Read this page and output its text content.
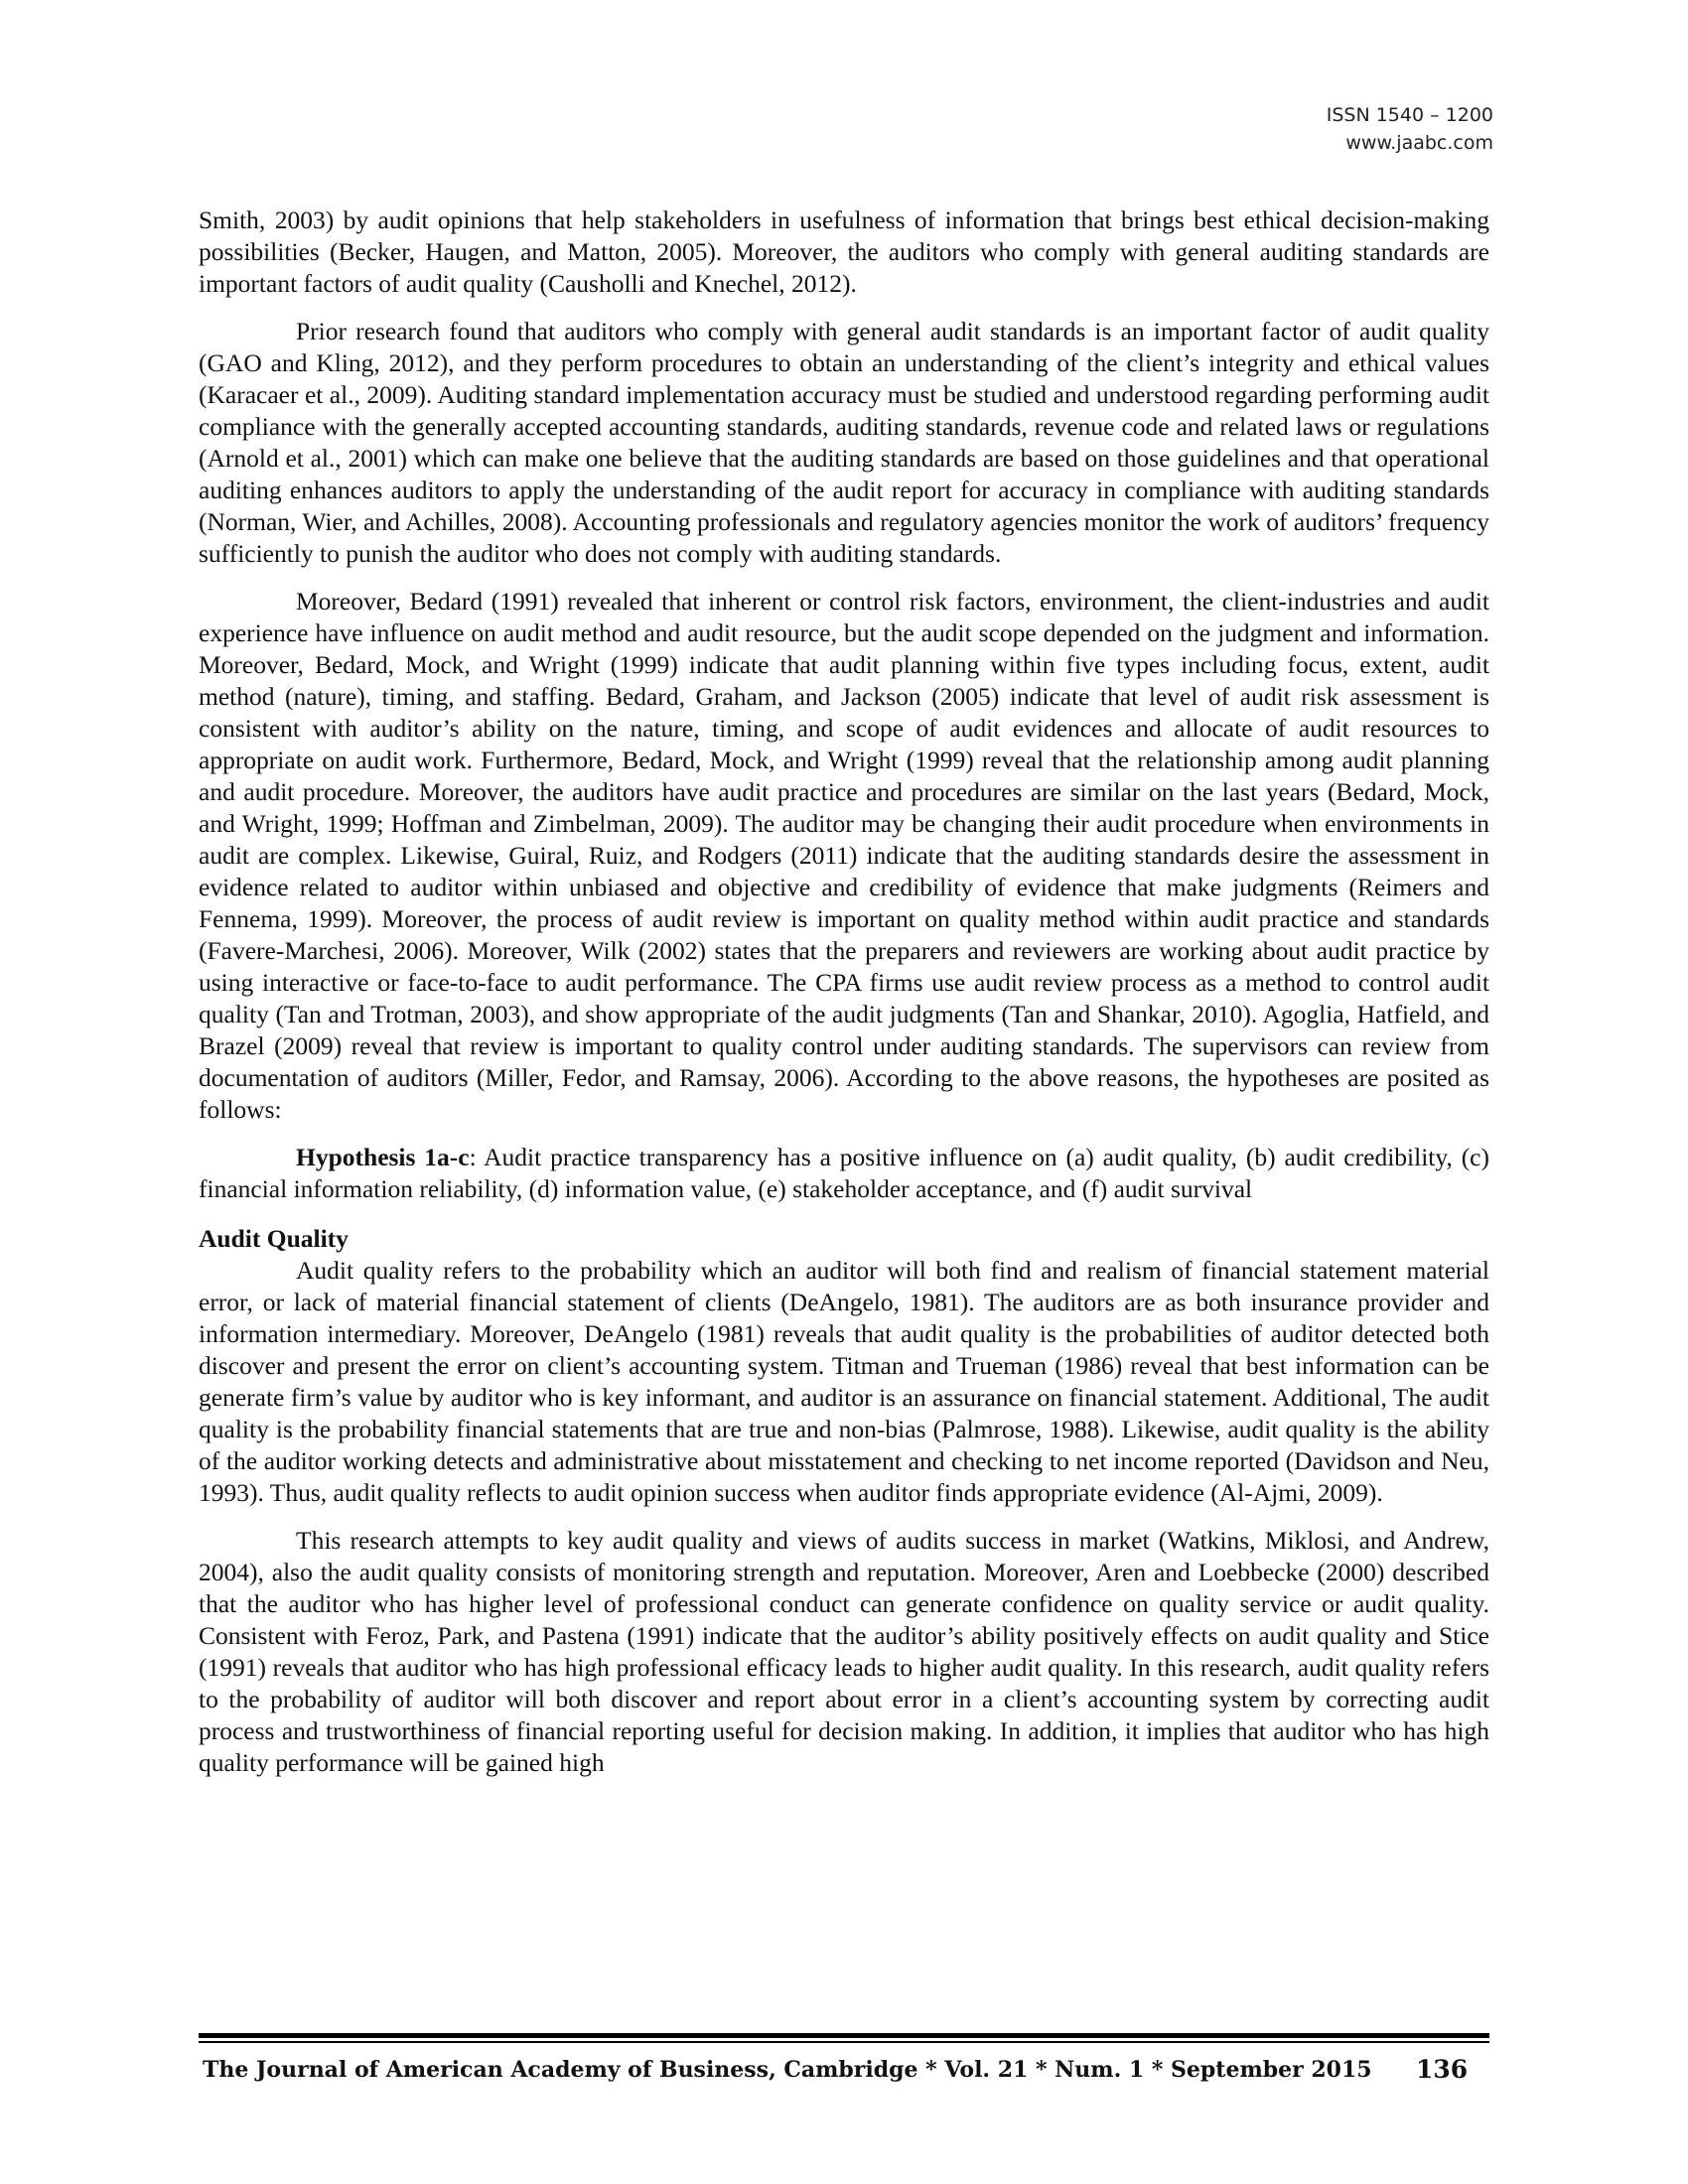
ISSN 1540 – 1200
www.jaabc.com

Smith, 2003) by audit opinions that help stakeholders in usefulness of information that brings best ethical decision-making possibilities (Becker, Haugen, and Matton, 2005). Moreover, the auditors who comply with general auditing standards are important factors of audit quality (Causholli and Knechel, 2012).

Prior research found that auditors who comply with general audit standards is an important factor of audit quality (GAO and Kling, 2012), and they perform procedures to obtain an understanding of the client’s integrity and ethical values (Karacaer et al., 2009). Auditing standard implementation accuracy must be studied and understood regarding performing audit compliance with the generally accepted accounting standards, auditing standards, revenue code and related laws or regulations (Arnold et al., 2001) which can make one believe that the auditing standards are based on those guidelines and that operational auditing enhances auditors to apply the understanding of the audit report for accuracy in compliance with auditing standards (Norman, Wier, and Achilles, 2008). Accounting professionals and regulatory agencies monitor the work of auditors’ frequency sufficiently to punish the auditor who does not comply with auditing standards.

Moreover, Bedard (1991) revealed that inherent or control risk factors, environment, the client-industries and audit experience have influence on audit method and audit resource, but the audit scope depended on the judgment and information. Moreover, Bedard, Mock, and Wright (1999) indicate that audit planning within five types including focus, extent, audit method (nature), timing, and staffing. Bedard, Graham, and Jackson (2005) indicate that level of audit risk assessment is consistent with auditor’s ability on the nature, timing, and scope of audit evidences and allocate of audit resources to appropriate on audit work. Furthermore, Bedard, Mock, and Wright (1999) reveal that the relationship among audit planning and audit procedure. Moreover, the auditors have audit practice and procedures are similar on the last years (Bedard, Mock, and Wright, 1999; Hoffman and Zimbelman, 2009). The auditor may be changing their audit procedure when environments in audit are complex. Likewise, Guiral, Ruiz, and Rodgers (2011) indicate that the auditing standards desire the assessment in evidence related to auditor within unbiased and objective and credibility of evidence that make judgments (Reimers and Fennema, 1999). Moreover, the process of audit review is important on quality method within audit practice and standards (Favere-Marchesi, 2006). Moreover, Wilk (2002) states that the preparers and reviewers are working about audit practice by using interactive or face-to-face to audit performance. The CPA firms use audit review process as a method to control audit quality (Tan and Trotman, 2003), and show appropriate of the audit judgments (Tan and Shankar, 2010). Agoglia, Hatfield, and Brazel (2009) reveal that review is important to quality control under auditing standards. The supervisors can review from documentation of auditors (Miller, Fedor, and Ramsay, 2006). According to the above reasons, the hypotheses are posited as follows:

Hypothesis 1a-c: Audit practice transparency has a positive influence on (a) audit quality, (b) audit credibility, (c) financial information reliability, (d) information value, (e) stakeholder acceptance, and (f) audit survival

Audit Quality

Audit quality refers to the probability which an auditor will both find and realism of financial statement material error, or lack of material financial statement of clients (DeAngelo, 1981). The auditors are as both insurance provider and information intermediary. Moreover, DeAngelo (1981) reveals that audit quality is the probabilities of auditor detected both discover and present the error on client’s accounting system. Titman and Trueman (1986) reveal that best information can be generate firm’s value by auditor who is key informant, and auditor is an assurance on financial statement. Additional, The audit quality is the probability financial statements that are true and non-bias (Palmrose, 1988). Likewise, audit quality is the ability of the auditor working detects and administrative about misstatement and checking to net income reported (Davidson and Neu, 1993). Thus, audit quality reflects to audit opinion success when auditor finds appropriate evidence (Al-Ajmi, 2009).

This research attempts to key audit quality and views of audits success in market (Watkins, Miklosi, and Andrew, 2004), also the audit quality consists of monitoring strength and reputation. Moreover, Aren and Loebbecke (2000) described that the auditor who has higher level of professional conduct can generate confidence on quality service or audit quality. Consistent with Feroz, Park, and Pastena (1991) indicate that the auditor’s ability positively effects on audit quality and Stice (1991) reveals that auditor who has high professional efficacy leads to higher audit quality. In this research, audit quality refers to the probability of auditor will both discover and report about error in a client’s accounting system by correcting audit process and trustworthiness of financial reporting useful for decision making. In addition, it implies that auditor who has high quality performance will be gained high

The Journal of American Academy of Business, Cambridge * Vol. 21 * Num. 1 * September 2015 136
